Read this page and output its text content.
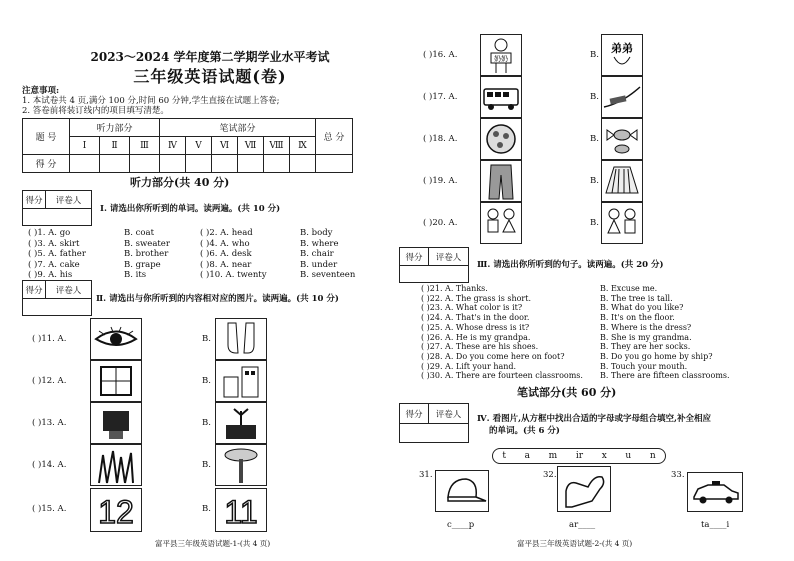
2023～2024 学年度第二学期学业水平考试
三年级英语试题(卷)
注意事项:
1. 本试卷共 4 页,满分 100 分,时间 60 分钟,学生直接在试题上答卷;
2. 答卷前将装订线内的项目填写清楚。
题 号	听力部分			笔试部分						总 分
	Ⅰ	Ⅱ	Ⅲ	Ⅳ	Ⅴ	Ⅵ	Ⅶ	Ⅷ	Ⅸ	
得 分										
听力部分(共 40 分)
得分	评卷人
Ⅰ. 请选出你所听到的单词。读两遍。(共 10 分)
得分	评卷人
Ⅱ. 请选出与你所听到的内容相对应的图片。读两遍。(共 10 分)
( )11. A.
( )12. A.
( )13. A.
( )14. A.
( )15. A.
B.
B.
B.
B.
B.
12	11
富平县三年级英语试题-1-(共 4 页)
( )1. A. go	B. coat	( )2. A. head	B. body
( )3. A. skirt	B. sweater	( )4. A. who	B. where
( )5. A. father	B. brother	( )6. A. desk	B. chair
( )7. A. cake	B. grape	( )8. A. near	B. under
( )9. A. his	B. its	( )10. A. twenty	B. seventeen
( )16. A.
( )17. A.
( )18. A.
( )19. A.
( )20. A.
B.
B.
B.
B.
B.
奶奶
弟弟
得分	评卷人
Ⅲ. 请选出你所听到的句子。读两遍。(共 20 分)
笔试部分(共 60 分)
得分	评卷人	Ⅳ. 看图片,从方框中找出合适的字母或字母组合填空,补全相应
的单词。(共 6 分)
t a m ir x u n
31.	32.	33.
c____p	ar____	ta____i
富平县三年级英语试题-2-(共 4 页)
( )21. A. Thanks.	B. Excuse me.
( )22. A. The grass is short.	B. The tree is tall.
( )23. A. What color is it?	B. What do you like?
( )24. A. That's in the door.	B. It's on the floor.
( )25. A. Whose dress is it?	B. Where is the dress?
( )26. A. He is my grandpa.	B. She is my grandma.
( )27. A. These are his shoes.	B. They are her socks.
( )28. A. Do you come here on foot?	B. Do you go home by ship?
( )29. A. Lift your hand.	B. Touch your mouth.
( )30. A. There are fourteen classrooms. B. There are fifteen classrooms.
